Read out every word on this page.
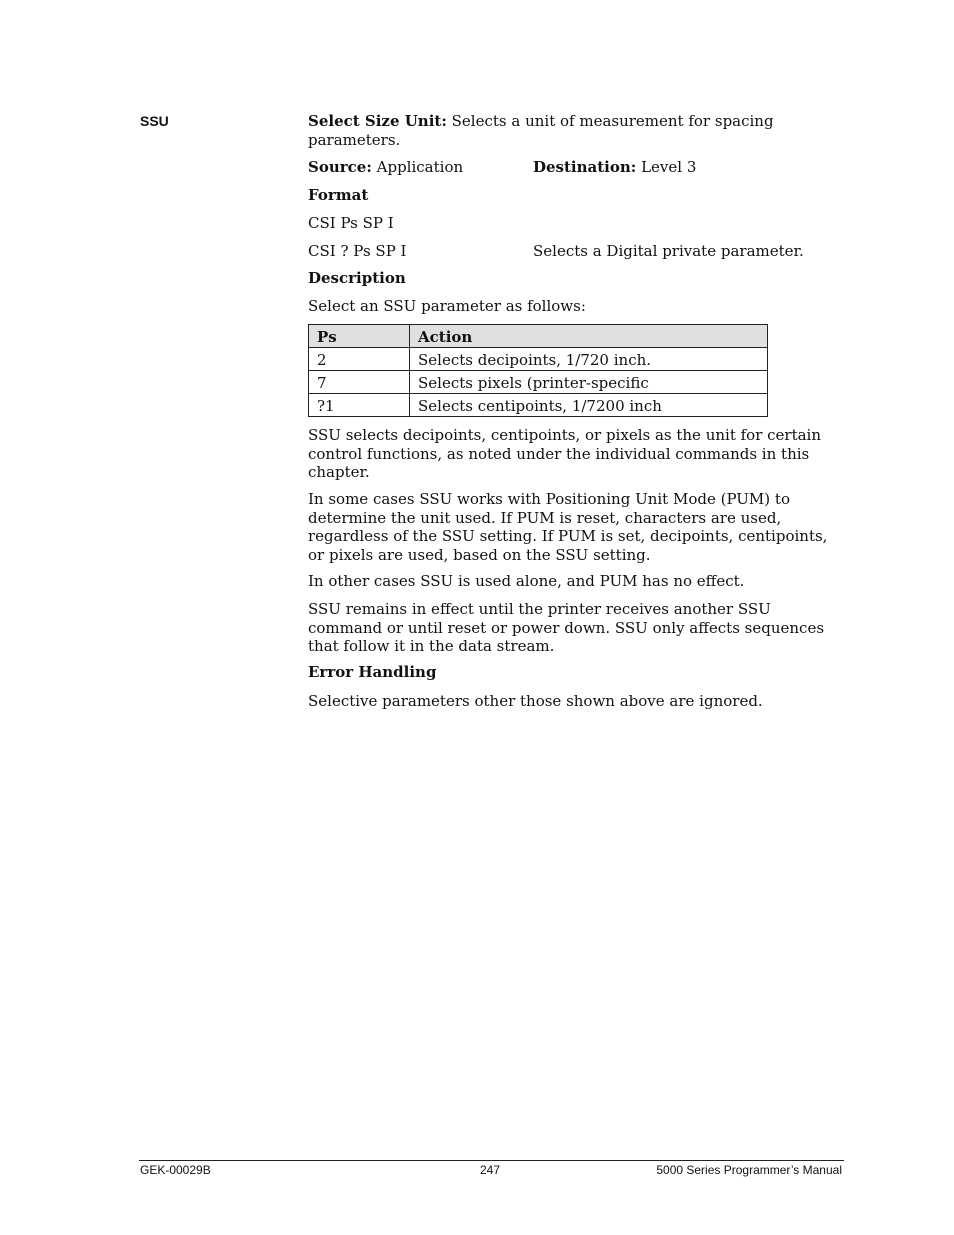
SSU	Select Size Unit: Selects a unit of measurement for spacing parameters.
Source: Application	Destination: Level 3
Format
CSI Ps SP I
CSI ? Ps SP I	Selects a Digital private parameter.
Description
Select an SSU parameter as follows:
Ps	Action
2	Selects decipoints, 1/720 inch.
7	Selects pixels (printer-specific
?1	Selects centipoints, 1/7200 inch
SSU selects decipoints, centipoints, or pixels as the unit for certain control functions, as noted under the individual commands in this chapter.
In some cases SSU works with Positioning Unit Mode (PUM) to determine the unit used. If PUM is reset, characters are used, regardless of the SSU setting. If PUM is set, decipoints, centipoints, or pixels are used, based on the SSU setting.
In other cases SSU is used alone, and PUM has no effect.
SSU remains in effect until the printer receives another SSU command or until reset or power down. SSU only affects sequences that follow it in the data stream.
Error Handling
Selective parameters other those shown above are ignored.
GEK-00029B	247	5000 Series Programmer’s Manual
